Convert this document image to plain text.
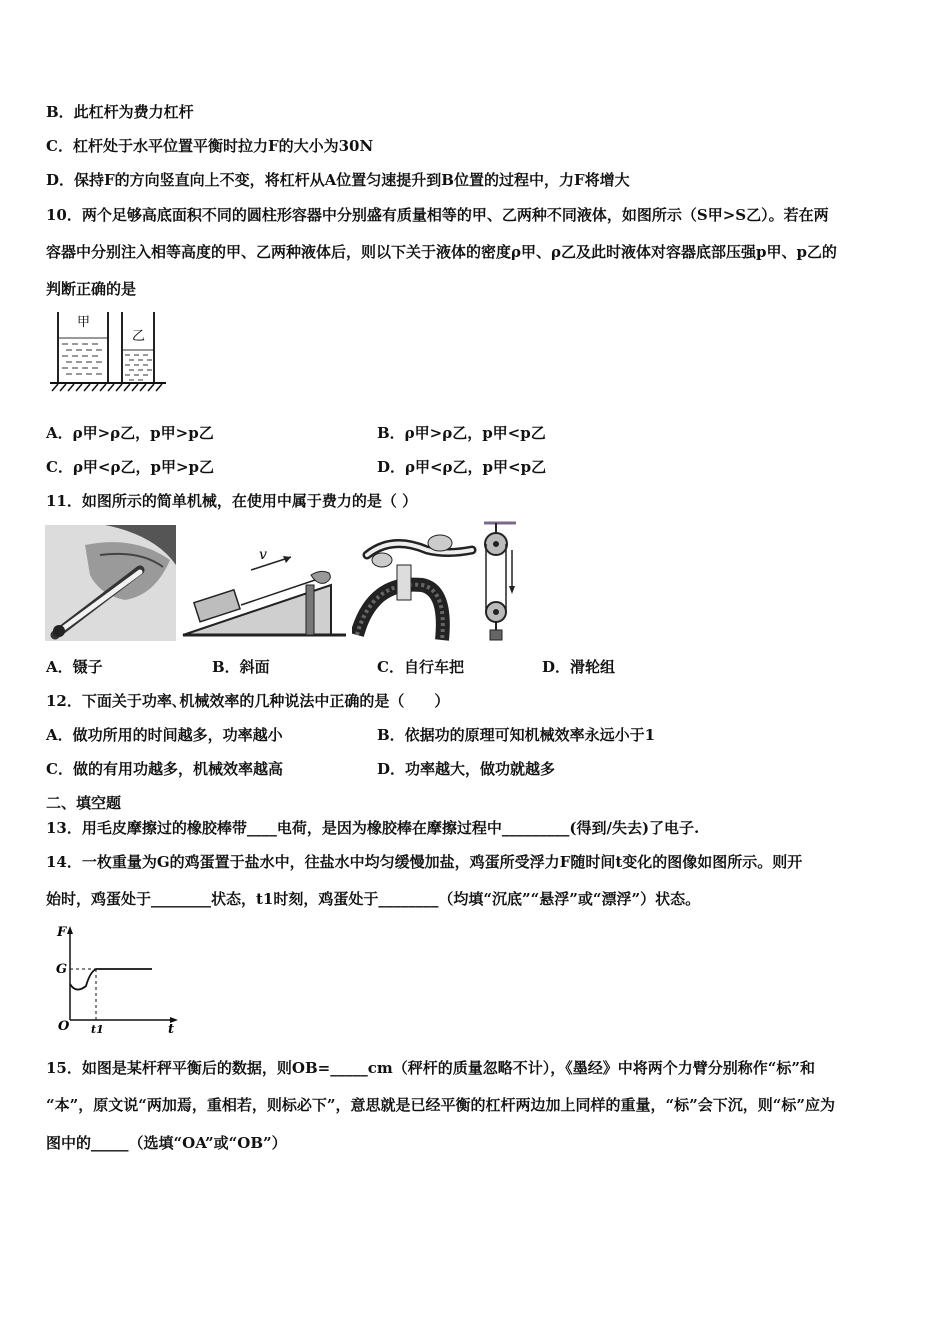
B．此杠杆为费力杠杆
C．杠杆处于水平位置平衡时拉力F的大小为30N
D．保持F的方向竖直向上不变，将杠杆从A位置匀速提升到B位置的过程中，力F将增大
10．两个足够高底面积不同的圆柱形容器中分别盛有质量相等的甲、乙两种不同液体，如图所示（S甲>S乙）。若在两
容器中分别注入相等高度的甲、乙两种液体后，则以下关于液体的密度ρ甲、ρ乙及此时液体对容器底部压强p甲、p乙的
判断正确的是
甲
乙
A．ρ甲>ρ乙，p甲>p乙	B．ρ甲>ρ乙，p甲<p乙
C．ρ甲<ρ乙，p甲>p乙	D．ρ甲<ρ乙，p甲<p乙
11．如图所示的简单机械，在使用中属于费力的是（ ）
v
A．镊子	B．斜面	C．自行车把	D．滑轮组
12．下面关于功率､机械效率的几种说法中正确的是（　　）
A．做功所用的时间越多，功率越小	B．依据功的原理可知机械效率永远小于1
C．做的有用功越多，机械效率越高	D．功率越大，做功就越多
二、填空题
13．用毛皮摩擦过的橡胶棒带____电荷，是因为橡胶棒在摩擦过程中_________(得到/失去)了电子.
14．一枚重量为G的鸡蛋置于盐水中，往盐水中均匀缓慢加盐，鸡蛋所受浮力F随时间t变化的图像如图所示。则开
始时，鸡蛋处于________状态，t1时刻，鸡蛋处于________（均填“沉底”“悬浮”或“漂浮”）状态。
F
t
G
O t1
15．如图是某杆秤平衡后的数据，则OB=_____cm（秤杆的质量忽略不计），《墨经》中将两个力臂分别称作“标”和
“本”，原文说“两加焉，重相若，则标必下”，意思就是已经平衡的杠杆两边加上同样的重量，“标”会下沉，则“标”应为
图中的_____（选填“OA”或“OB”）
